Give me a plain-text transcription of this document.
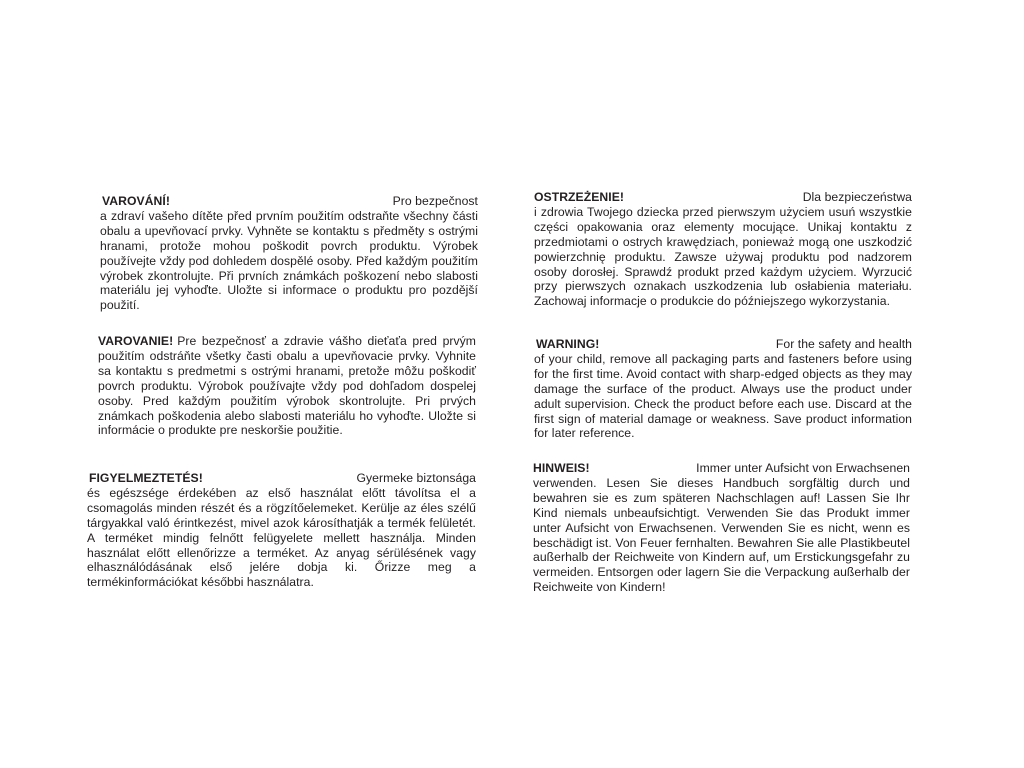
VAROVÁNÍ!	Pro bezpečnost

a zdraví vašeho dítěte před prvním použitím odstraňte všechny části obalu a upevňovací prvky. Vyhněte se kontaktu s předměty s ostrými hranami, protože mohou poškodit povrch produktu. Výrobek používejte vždy pod dohledem dospělé osoby. Před každým použitím výrobek zkontrolujte. Při prvních známkách poškození nebo slabosti materiálu jej vyhoďte. Uložte si informace o produktu pro pozdější použití.

VAROVANIE! Pre bezpečnosť a zdravie vášho dieťaťa pred prvým použitím odstráňte všetky časti obalu a upevňovacie prvky. Vyhnite sa kontaktu s predmetmi s ostrými hranami, pretože môžu poškodiť povrch produktu. Výrobok používajte vždy pod dohľadom dospelej osoby. Pred každým použitím výrobok skontrolujte. Pri prvých známkach poškodenia alebo slabosti materiálu ho vyhoďte. Uložte si informácie o produkte pre neskoršie použitie.

FIGYELMEZTETÉS!	Gyermeke biztonsága

és egészsége érdekében az első használat előtt távolítsa el a csomagolás minden részét és a rögzítőelemeket. Kerülje az éles szélű tárgyakkal való érintkezést, mivel azok károsíthatják a termék felületét. A terméket mindig felnőtt felügyelete mellett használja. Minden használat előtt ellenőrizze a terméket. Az anyag sérülésének vagy elhasználódásának első jelére dobja ki. Őrizze meg a termékinformációkat későbbi használatra.

OSTRZEŻENIE!	Dla bezpieczeństwa

i zdrowia Twojego dziecka przed pierwszym użyciem usuń wszystkie części opakowania oraz elementy mocujące. Unikaj kontaktu z przedmiotami o ostrych krawędziach, ponieważ mogą one uszkodzić powierzchnię produktu. Zawsze używaj produktu pod nadzorem osoby dorosłej. Sprawdź produkt przed każdym użyciem. Wyrzucić przy pierwszych oznakach uszkodzenia lub osłabienia materiału. Zachowaj informacje o produkcie do późniejszego wykorzystania.

WARNING!	For the safety and health

of your child, remove all packaging parts and fasteners before using for the first time. Avoid contact with sharp-edged objects as they may damage the surface of the product. Always use the product under adult supervision. Check the product before each use. Discard at the first sign of material damage or weakness. Save product information for later reference.

HINWEIS!	Immer unter Aufsicht von Erwachsenen

verwenden. Lesen Sie dieses Handbuch sorgfältig durch und bewahren sie es zum späteren Nachschlagen auf! Lassen Sie Ihr Kind niemals unbeaufsichtigt. Verwenden Sie das Produkt immer unter Aufsicht von Erwachsenen. Verwenden Sie es nicht, wenn es beschädigt ist. Von Feuer fernhalten. Bewahren Sie alle Plastikbeutel außerhalb der Reichweite von Kindern auf, um Erstickungsgefahr zu vermeiden. Entsorgen oder lagern Sie die Verpackung außerhalb der Reichweite von Kindern!
